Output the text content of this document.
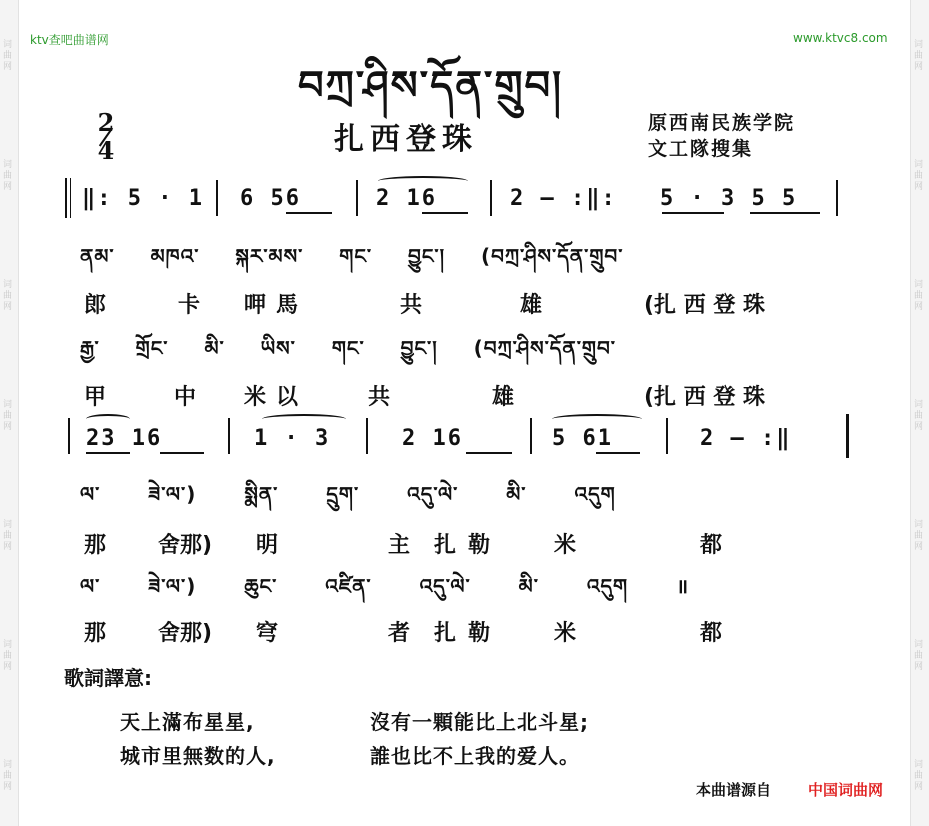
词曲网
词曲网
词曲网
词曲网
词曲网
词曲网
词曲网
词曲网
词曲网
词曲网
词曲网
词曲网
词曲网
词曲网
ktv查吧曲谱网	www.ktvc8.com
བཀྲ་ཤིས་དོན་གྲུབ།
2
4	扎西登珠	原西南民族学院
文工隊搜集
‖: 5 · 1 6 56	2 16	2 — :‖: 5 · 3 5 5
ནམ་ མཁའ་ སྐར་མས་ གང་ བྱུང་། (བཀྲ་ཤིས་དོན་གྲུབ་
郎	卡 呷馬	共	雄	(扎 西 登 珠
རྒྱ་ གྲོང་ མི་ ཡིས་ གང་ བྱུང་། (བཀྲ་ཤིས་དོན་གྲུབ་
甲	中 米以	共	雄	(扎 西 登 珠
23 16	1 · 3	2 16	5 61	2 — :‖
ལ་ ཟེ་ལ་) སྨིན་ དྲུག་ འདུ་ལེ་ མི་ འདུག
那 舍那) 明	主 扎勒 米	都
ལ་ ཟེ་ལ་) ཆུང་ འཛིན་ འདུ་ལེ་ མི་ འདུག ॥
那 舍那) 穹	者 扎勒 米	都
歌詞譯意:
天上滿布星星,	沒有一顆能比上北斗星;
城市里無数的人,	誰也比不上我的爱人。
本曲谱源自 中国词曲网
